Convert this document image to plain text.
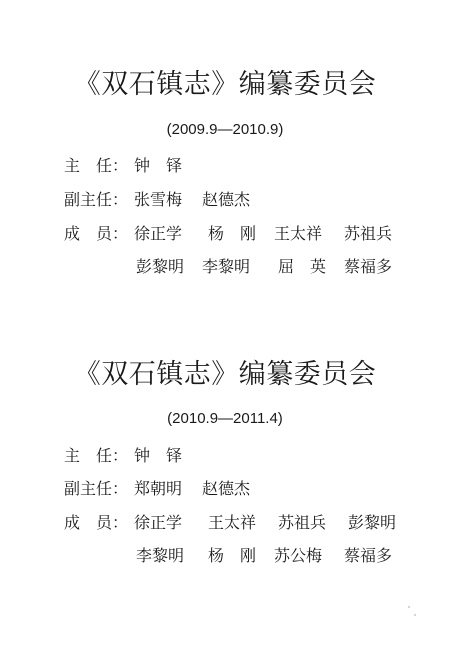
《双石镇志》编纂委员会
(2009.9—2010.9)
主　任： 钟　铎
副主任： 张雪梅 赵德杰
成　员： 徐正学 杨　刚 王太祥 苏祖兵
彭黎明 李黎明 屈　英 蔡福多
《双石镇志》编纂委员会
(2010.9—2011.4)
主　任： 钟　铎
副主任： 郑朝明 赵德杰
成　员： 徐正学 王太祥 苏祖兵 彭黎明
李黎明 杨　刚 苏公梅 蔡福多
